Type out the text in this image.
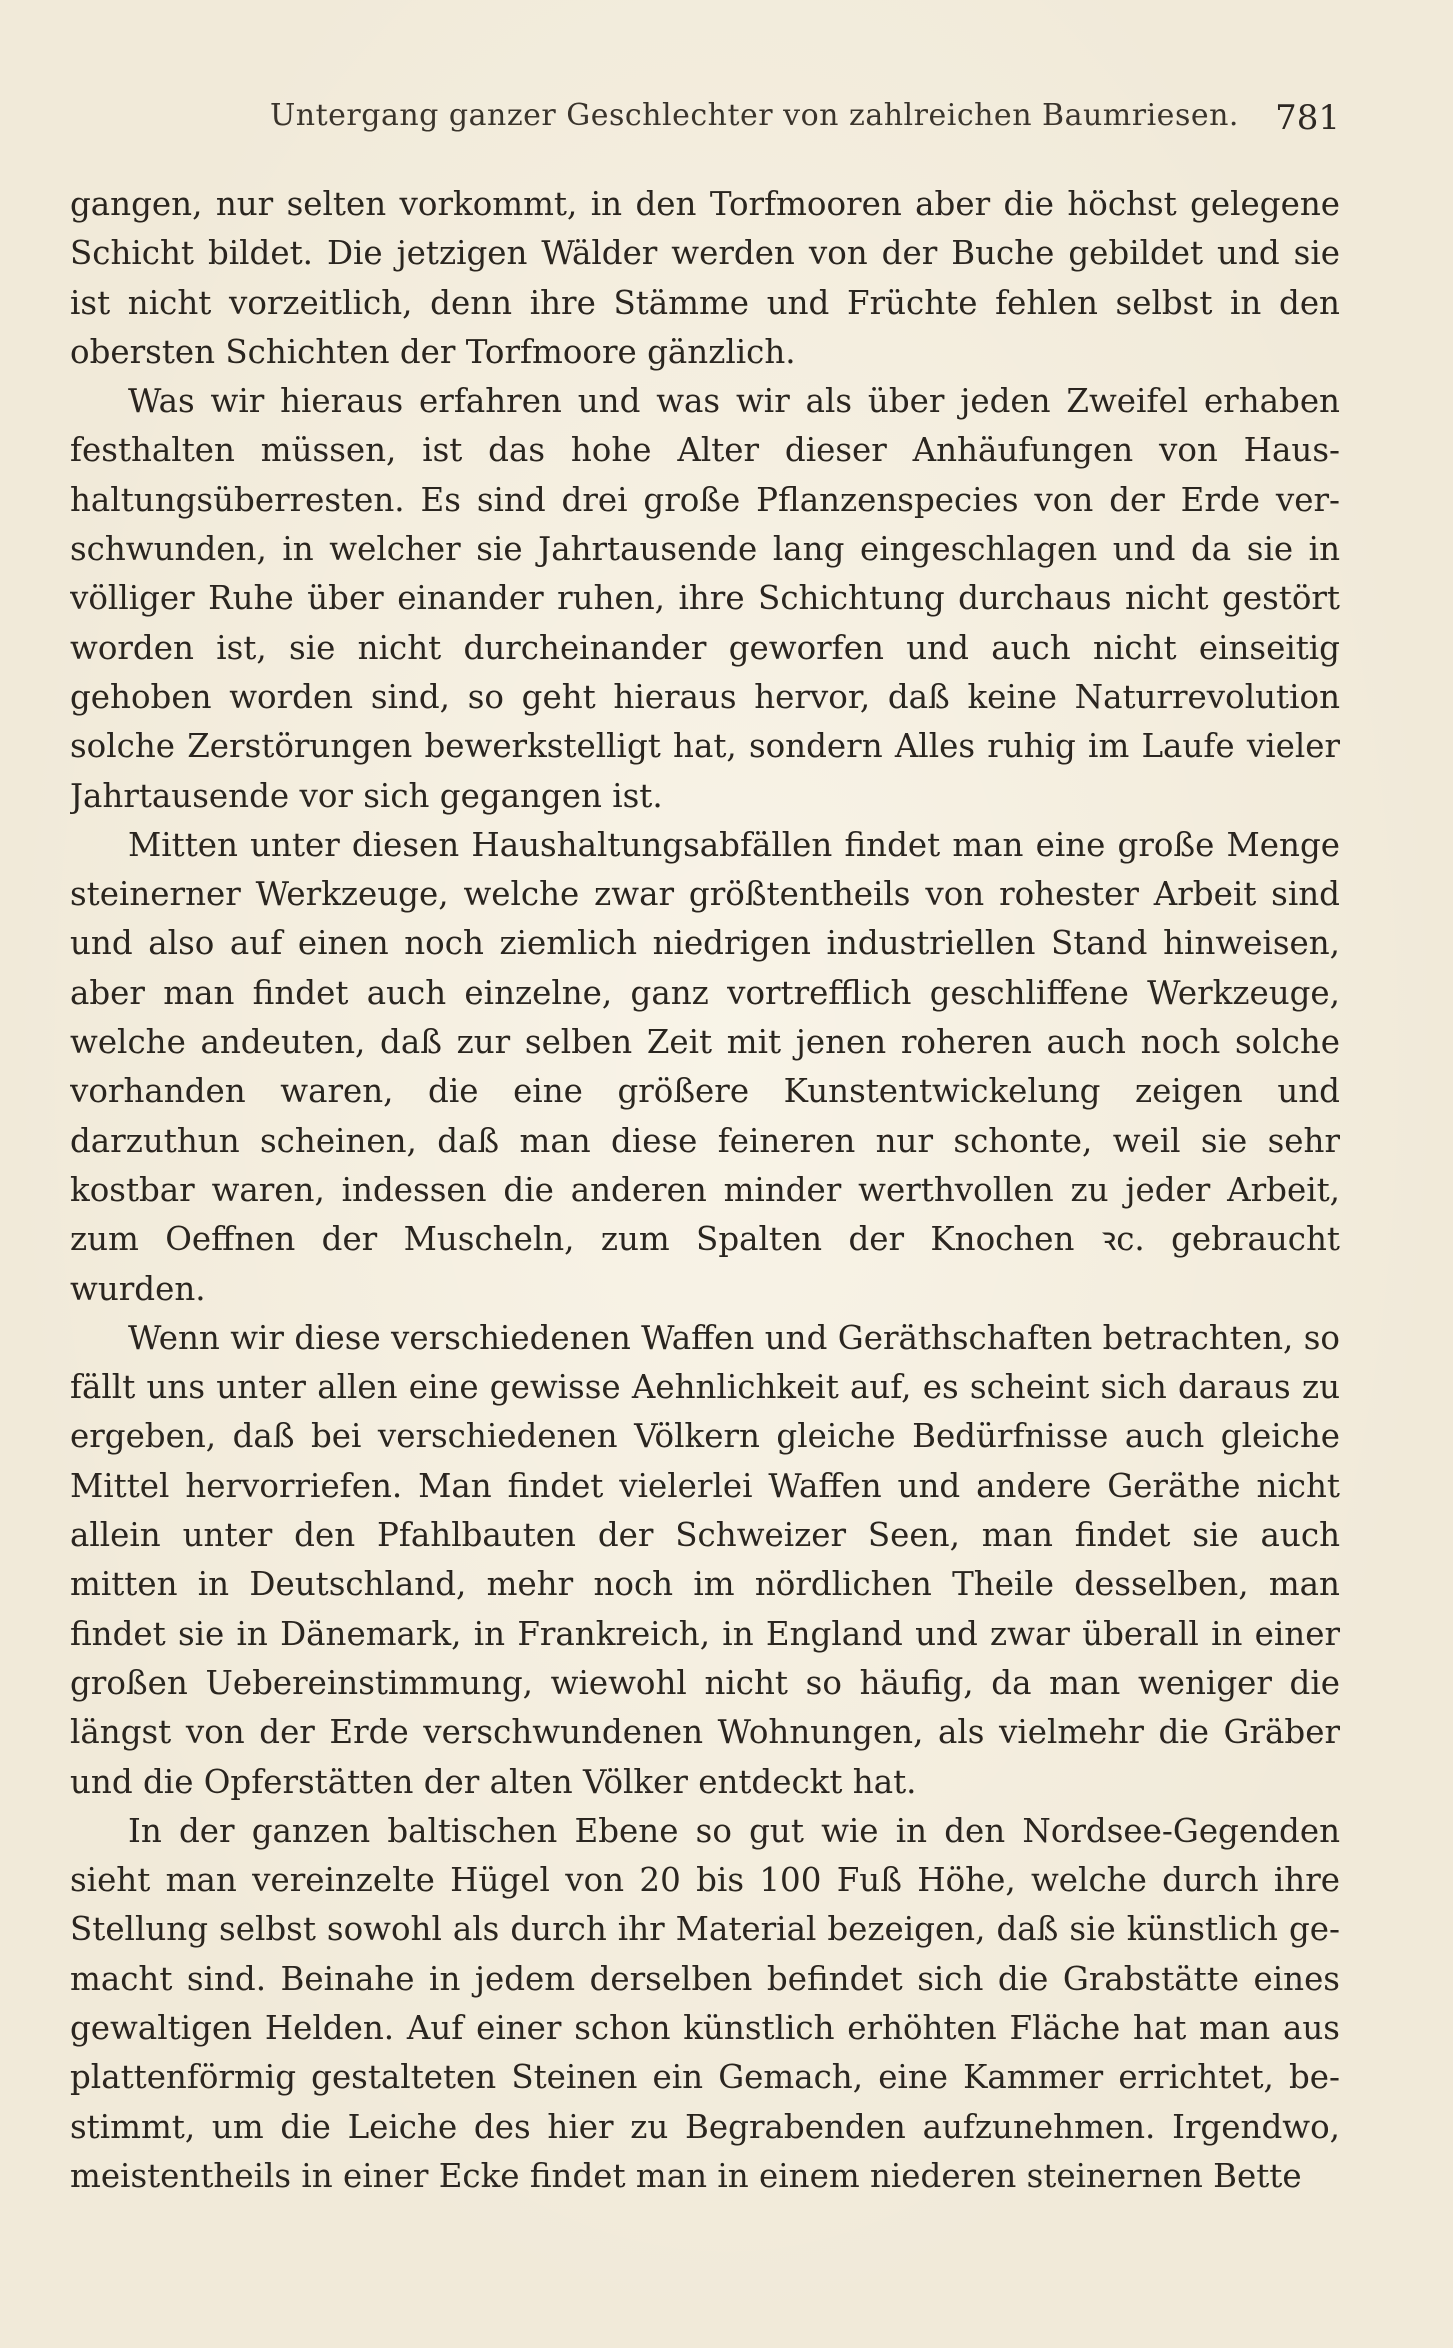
Untergang ganzer Geschlechter von zahlreichen Baumriesen. 781

gangen, nur selten vorkommt, in den Torfmooren aber die höchst gelegene Schicht bildet. Die jetzigen Wälder werden von der Buche gebildet und sie ist nicht vorzeitlich, denn ihre Stämme und Früchte fehlen selbst in den obersten Schichten der Torfmoore gänzlich.

Was wir hieraus erfahren und was wir als über jeden Zweifel erhaben festhalten müssen, ist das hohe Alter dieser Anhäufungen von Haushaltungsüberresten. Es sind drei große Pflanzenspecies von der Erde verschwunden, in welcher sie Jahrtausende lang eingeschlagen und da sie in völliger Ruhe über einander ruhen, ihre Schichtung durchaus nicht gestört worden ist, sie nicht durcheinander geworfen und auch nicht einseitig gehoben worden sind, so geht hieraus hervor, daß keine Naturrevolution solche Zerstörungen bewerkstelligt hat, sondern Alles ruhig im Laufe vieler Jahrtausende vor sich gegangen ist.

Mitten unter diesen Haushaltungsabfällen findet man eine große Menge steinerner Werkzeuge, welche zwar größtentheils von rohester Arbeit sind und also auf einen noch ziemlich niedrigen industriellen Stand hinweisen, aber man findet auch einzelne, ganz vortrefflich geschliffene Werkzeuge, welche andeuten, daß zur selben Zeit mit jenen roheren auch noch solche vorhanden waren, die eine größere Kunstentwickelung zeigen und darzuthun scheinen, daß man diese feineren nur schonte, weil sie sehr kostbar waren, indessen die anderen minder werthvollen zu jeder Arbeit, zum Oeffnen der Muscheln, zum Spalten der Knochen ꝛc. gebraucht wurden.

Wenn wir diese verschiedenen Waffen und Geräthschaften betrachten, so fällt uns unter allen eine gewisse Aehnlichkeit auf, es scheint sich daraus zu ergeben, daß bei verschiedenen Völkern gleiche Bedürfnisse auch gleiche Mittel hervorriefen. Man findet vielerlei Waffen und andere Geräthe nicht allein unter den Pfahlbauten der Schweizer Seen, man findet sie auch mitten in Deutschland, mehr noch im nördlichen Theile desselben, man findet sie in Dänemark, in Frankreich, in England und zwar überall in einer großen Uebereinstimmung, wiewohl nicht so häufig, da man weniger die längst von der Erde verschwundenen Wohnungen, als vielmehr die Gräber und die Opferstätten der alten Völker entdeckt hat.

In der ganzen baltischen Ebene so gut wie in den Nordsee-Gegenden sieht man vereinzelte Hügel von 20 bis 100 Fuß Höhe, welche durch ihre Stellung selbst sowohl als durch ihr Material bezeigen, daß sie künstlich gemacht sind. Beinahe in jedem derselben befindet sich die Grabstätte eines gewaltigen Helden. Auf einer schon künstlich erhöhten Fläche hat man aus plattenförmig gestalteten Steinen ein Gemach, eine Kammer errichtet, bestimmt, um die Leiche des hier zu Begrabenden aufzunehmen. Irgendwo, meistentheils in einer Ecke findet man in einem niederen steinernen Bette
